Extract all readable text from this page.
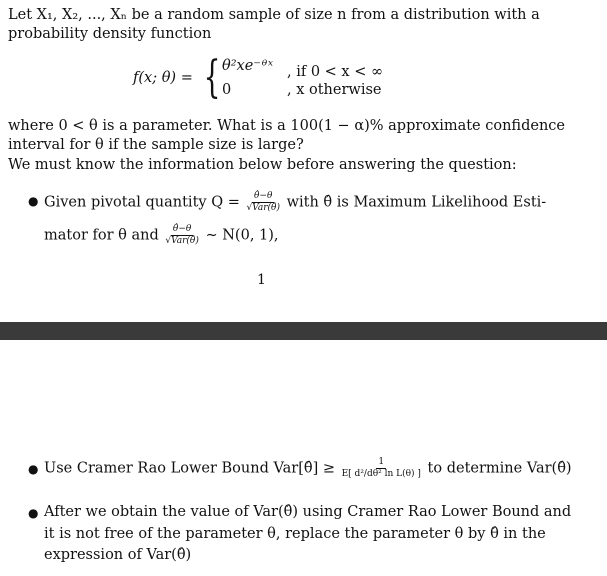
Let X₁, X₂, ..., Xₙ be a random sample of size n from a distribution with a
probability density function
f(x; θ) = { θ²xe⁻ᶿˣ , if 0 < x < ∞
0	, x otherwise
where 0 < θ is a parameter. What is a 100(1 − α)% approximate confidence
interval for θ if the sample size is large?
We must know the information below before answering the question:
● Given pivotal quantity $Q = \frac{\thetâ-\theta}{\text{√Var(θ̂)}}$ with θ̂ is Maximum Likelihood Esti-
mator for θ and $\frac{\thetâ-\theta}{\text{√Var(θ̂)}}$ ∼ N(0, 1),
1
● Use Cramer Rao Lower Bound Var[θ̂] ≥ $\frac{1}{\text{E[ d²/dθ² ln L(θ) ]}}$ to determine Var(θ̂)
● After we obtain the value of Var(θ̂) using Cramer Rao Lower Bound and
it is not free of the parameter θ, replace the parameter θ by θ̂ in the
expression of Var(θ̂)
